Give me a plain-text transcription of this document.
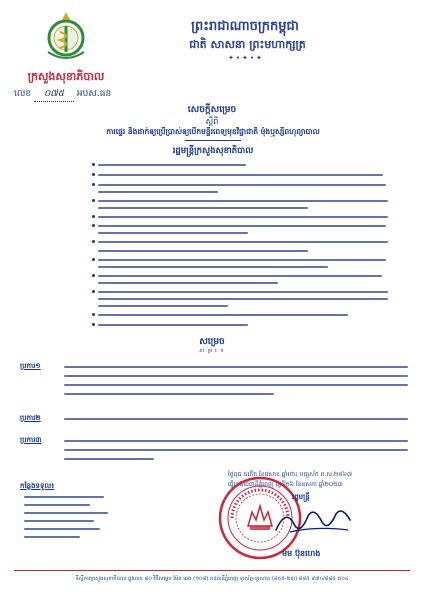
ព្រះរាជាណាចក្រកម្ពុជា
ជាតិ សាសនា ព្រះមហាក្សត្រ
✦•✦•✦
ក្រសួងសុខាភិបាល
លេខ ០៧៥ អបស.ធន
សេចក្តីសម្រេច
ស្តីពី
ការផ្ទេរ និងដាក់ឲ្យប្រើប្រាស់ឲ្យបើកមន្ទីរពេទ្យមុខវិជ្ជាជាតិ ម៉ុងឬស្សីពហុព្យាបាល
រដ្ឋមន្ត្រីក្រសួងសុខាភិបាល
សម្រេច
ស ម្រ េច
ប្រការ១
ប្រការ២
ប្រការ៣
ថ្ងៃពុធ ៥កើត ខែវេសាខ ឆ្នាំថោះ បញ្ចស័ក ព.ស.២៥៦៧
ធ្វើនៅរាជធានីភ្នំពេញ ថ្ងៃទី២៦ ខែឧសភា ឆ្នាំ២០២៣
កន្លែងទទួល៖
រដ្ឋមន្ត្រី
ម៉ម ប៊ុនហេង
ទីស្តីការក្រសួងសុខាភិបាល ផ្លូវលេខ ៨០ វិថីសម្ដេច ម៉ែន ឆេង (១០៨) រាជធានីភ្នំពេញ ទូរស័ព្ទ-ទូរសារ៖ (៨៥៥-២៣) ៨៨៥ ៩៧០/៨៨៥ ៥០៤
